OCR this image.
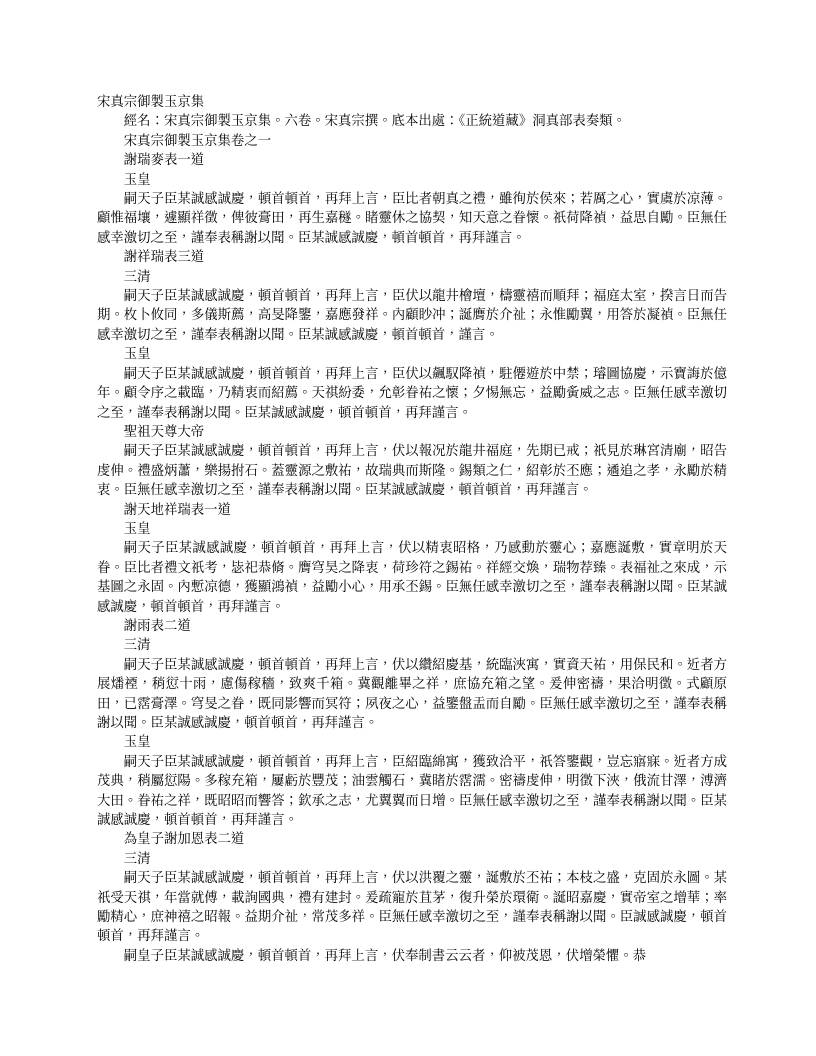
宋真宗御製玉京集

經名：宋真宗御製玉京集。六卷。宋真宗撰。底本出處：《正統道藏》洞真部表奏類。

宋真宗御製玉京集卷之一

謝瑞麥表一道

玉皇

嗣天子臣某誠感誠慶，頓首頓首，再拜上言，臣比者朝真之禮，雖徇於侯來；若厲之心，實虞於凉薄。顧惟福壤，遽顯祥徵，俾彼膏田，再生嘉穟。睹靈休之協契，知天意之眷懷。祇荷降禎，益思自勵。臣無任感幸激切之至，謹奉表稱謝以聞。臣某誠感誠慶，頓首頓首，再拜謹言。

謝祥瑞表三道

三清

嗣天子臣某誠感誠慶，頓首頓首，再拜上言，臣伏以龍井檜壇，檮靈禧而順拜；福庭太室，揆言日而告期。枚卜攸同，多儀斯薦，高旻降鑒，嘉應發祥。內顧眇冲；誕膺於介祉；永惟勵翼，用答於凝禎。臣無任感幸激切之至，謹奉表稱謝以聞。臣某誠感誠慶，頓首頓首，謹言。

玉皇

嗣天子臣某誠感誠慶，頓首頓首，再拜上言，臣伏以飆馭降禎，駐僊遊於中禁；璿圖協慶，示寶誨於億年。顧令序之載臨，乃精衷而紹薦。天祺紛委，允彰眷祐之懷；夕惕無忘，益勵夤威之志。臣無任感幸激切之至，謹奉表稱謝以聞。臣某誠感誠慶，頓首頓首，再拜謹言。

聖祖天尊大帝

嗣天子臣某誠感誠慶，頓首頓首，再拜上言，伏以報况於龍井福庭，先期已戒；祇見於琳宮清廟，昭告虔伸。禮盛炳蕭，樂揚拊石。蓋靈源之敷祐，故瑞典而斯隆。錫類之仁，紹彰於丕應；遹追之孝，永勵於精衷。臣無任感幸激切之至，謹奉表稱謝以聞。臣某誠感誠慶，頓首頓首，再拜謹言。

謝天地祥瑞表一道

玉皇

嗣天子臣某誠感誠慶，頓首頓首，再拜上言，伏以精衷昭格，乃感動於靈心；嘉應誕敷，實章明於天眷。臣比者禮文祇考，毖祀恭脩。膺穹昊之降衷，荷珍符之錫祐。祥經交煥，瑞物荐臻。表福祉之來成，示基圖之永固。內慙凉德，獲顯鴻禎，益勵小心，用承丕錫。臣無任感幸激切之至，謹奉表稱謝以聞。臣某誠感誠慶，頓首頓首，再拜謹言。

謝雨表二道

三清

嗣天子臣某誠感誠慶，頓首頓首，再拜上言，伏以纘紹慶基，統臨浹寓，實資天祐，用保民和。近者方展燔禋，稍愆十雨，慮傷稼穡，致爽千箱。冀觀離畢之祥，庶協充箱之望。爰伸密禱，果洽明徵。式顧原田，已霑膏澤。穹旻之眷，既同影響而冥符；夙夜之心，益鑒盤盂而自勵。臣無任感幸激切之至，謹奉表稱謝以聞。臣某誠感誠慶，頓首頓首，再拜謹言。

玉皇

嗣天子臣某誠感誠慶，頓首頓首，再拜上言，臣紹臨綿寓，獲致洽平，祇答鑒觀，豈忘寤寐。近者方成茂典，稍屬愆陽。多稼充箱，屢虧於豐茂；油雲觸石，冀睹於霑濡。密禱虔伸，明徵下浹，俄流甘澤，溥濟大田。眷祐之祥，既昭昭而響答；欽承之志，尤翼翼而日增。臣無任感幸激切之至，謹奉表稱謝以聞。臣某誠感誠慶，頓首頓首，再拜謹言。

為皇子謝加恩表二道

三清

嗣天子臣某誠感誠慶，頓首頓首，再拜上言，伏以洪覆之靈，誕敷於丕祐；本枝之盛，克固於永圖。某祇受天祺，年當就傅，載詢國典，禮有建封。爰疏寵於苴茅，復升榮於環衛。誕昭嘉慶，實帝室之增華；率勵精心，庶神禧之昭報。益期介祉，常茂多祥。臣無任感幸激切之至，謹奉表稱謝以聞。臣誠感誠慶，頓首頓首，再拜謹言。

嗣皇子臣某誠感誠慶，頓首頓首，再拜上言，伏奉制書云云者，仰被茂恩，伏增榮懼。恭
